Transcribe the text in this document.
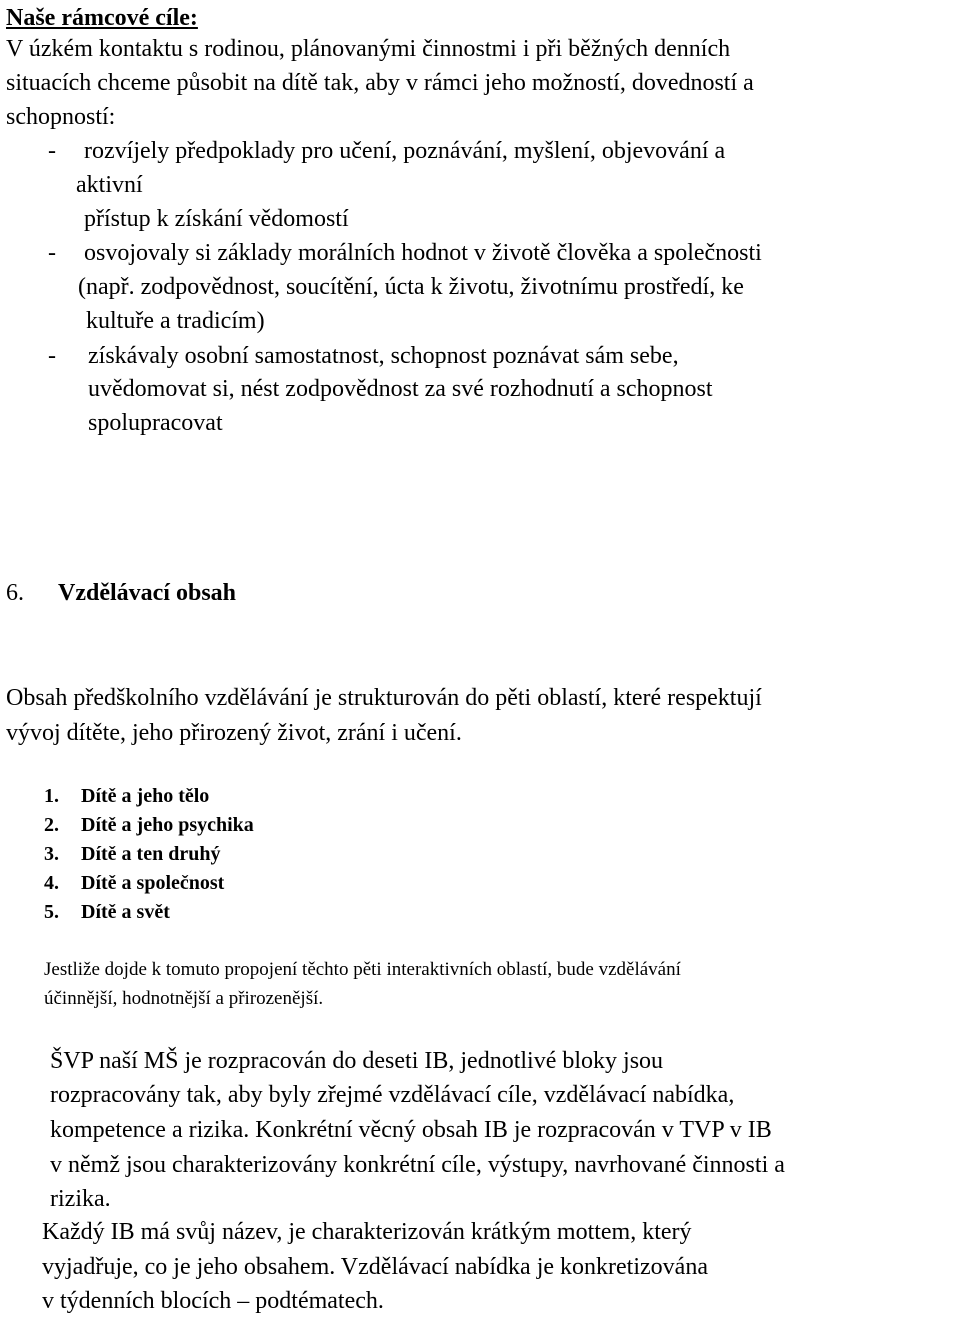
Naše rámcové cíle:
V úzkém kontaktu s rodinou, plánovanými činnostmi i při běžných denních
situacích chceme působit na dítě tak, aby v rámci jeho možností, dovedností a
schopností:
- rozvíjely předpoklady pro učení, poznávání, myšlení, objevování a
aktivní
přístup k získání vědomostí
- osvojovaly si základy morálních hodnot v životě člověka a společnosti
(např. zodpovědnost, soucítění, úcta k životu, životnímu prostředí, ke
kultuře a tradicím)
- získávaly osobní samostatnost, schopnost poznávat sám sebe,
uvědomovat si, nést zodpovědnost za své rozhodnutí a schopnost
spolupracovat
6. Vzdělávací obsah
Obsah předškolního vzdělávání je strukturován do pěti oblastí, které respektují
vývoj dítěte, jeho přirozený život, zrání i učení.
1. Dítě a jeho tělo
2. Dítě a jeho psychika
3. Dítě a ten druhý
4. Dítě a společnost
5. Dítě a svět
Jestliže dojde k tomuto propojení těchto pěti interaktivních oblastí, bude vzdělávání
účinnější, hodnotnější a přirozenější.
ŠVP naší MŠ je rozpracován do deseti IB, jednotlivé bloky jsou
rozpracovány tak, aby byly zřejmé vzdělávací cíle, vzdělávací nabídka,
kompetence a rizika. Konkrétní věcný obsah IB je rozpracován v TVP v IB
v němž jsou charakterizovány konkrétní cíle, výstupy, navrhované činnosti a
rizika.
Každý IB má svůj název, je charakterizován krátkým mottem, který
vyjadřuje, co je jeho obsahem. Vzdělávací nabídka je konkretizována
v týdenních blocích – podtématech.
